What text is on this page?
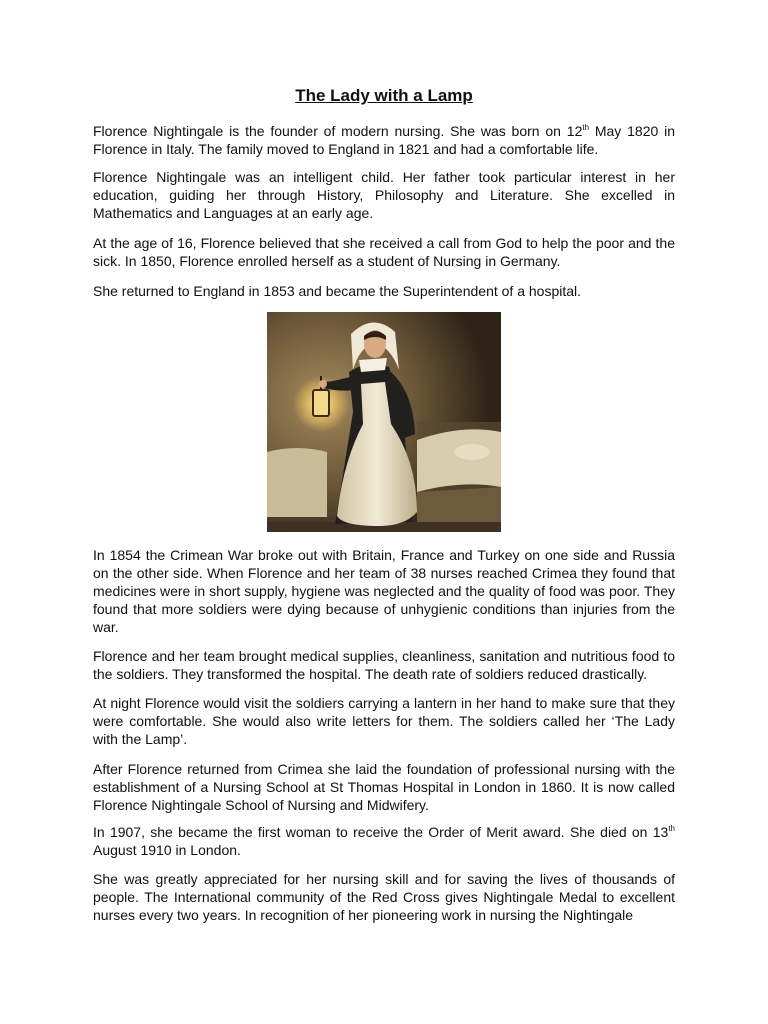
The Lady with a Lamp

Florence Nightingale is the founder of modern nursing. She was born on 12th May 1820 in Florence in Italy. The family moved to England in 1821 and had a comfortable life.

Florence Nightingale was an intelligent child. Her father took particular interest in her education, guiding her through History, Philosophy and Literature. She excelled in Mathematics and Languages at an early age.

At the age of 16, Florence believed that she received a call from God to help the poor and the sick. In 1850, Florence enrolled herself as a student of Nursing in Germany.

She returned to England in 1853 and became the Superintendent of a hospital.

In 1854 the Crimean War broke out with Britain, France and Turkey on one side and Russia on the other side. When Florence and her team of 38 nurses reached Crimea they found that medicines were in short supply, hygiene was neglected and the quality of food was poor. They found that more soldiers were dying because of unhygienic conditions than injuries from the war.

Florence and her team brought medical supplies, cleanliness, sanitation and nutritious food to the soldiers. They transformed the hospital. The death rate of soldiers reduced drastically.

At night Florence would visit the soldiers carrying a lantern in her hand to make sure that they were comfortable. She would also write letters for them. The soldiers called her ‘The Lady with the Lamp’.

After Florence returned from Crimea she laid the foundation of professional nursing with the establishment of a Nursing School at St Thomas Hospital in London in 1860. It is now called Florence Nightingale School of Nursing and Midwifery.

In 1907, she became the first woman to receive the Order of Merit award. She died on 13th August 1910 in London.

She was greatly appreciated for her nursing skill and for saving the lives of thousands of people. The International community of the Red Cross gives Nightingale Medal to excellent nurses every two years. In recognition of her pioneering work in nursing the Nightingale
